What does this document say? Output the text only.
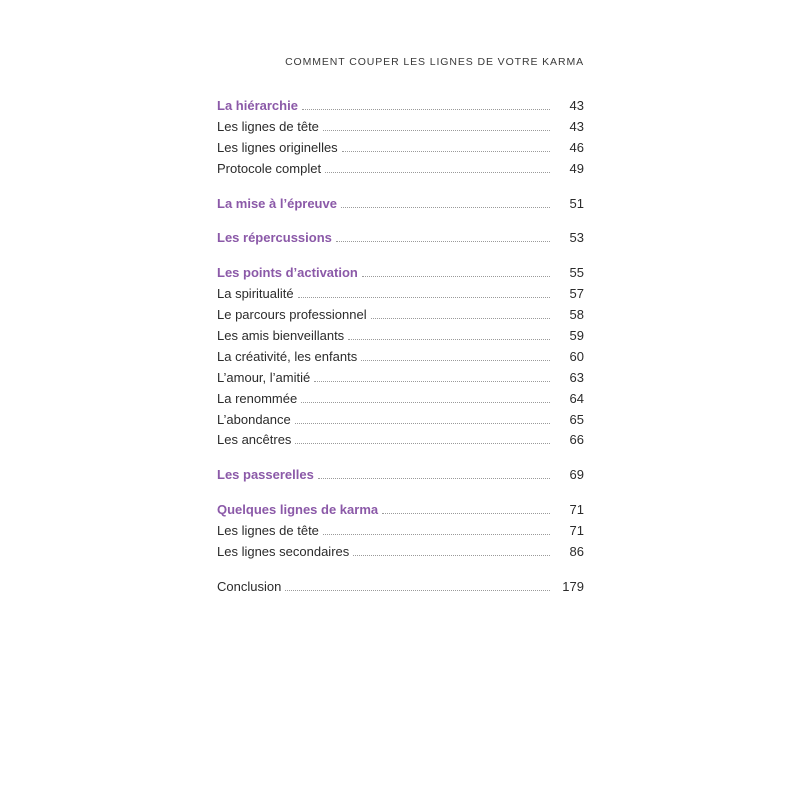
COMMENT COUPER LES LIGNES DE VOTRE KARMA
La hiérarchie	43
Les lignes de tête	43
Les lignes originelles	46
Protocole complet	49
La mise à l’épreuve	51
Les répercussions	53
Les points d’activation	55
La spiritualité	57
Le parcours professionnel	58
Les amis bienveillants	59
La créativité, les enfants	60
L’amour, l’amitié	63
La renommée	64
L’abondance	65
Les ancêtres	66
Les passerelles	69
Quelques lignes de karma	71
Les lignes de tête	71
Les lignes secondaires	86
Conclusion	179
